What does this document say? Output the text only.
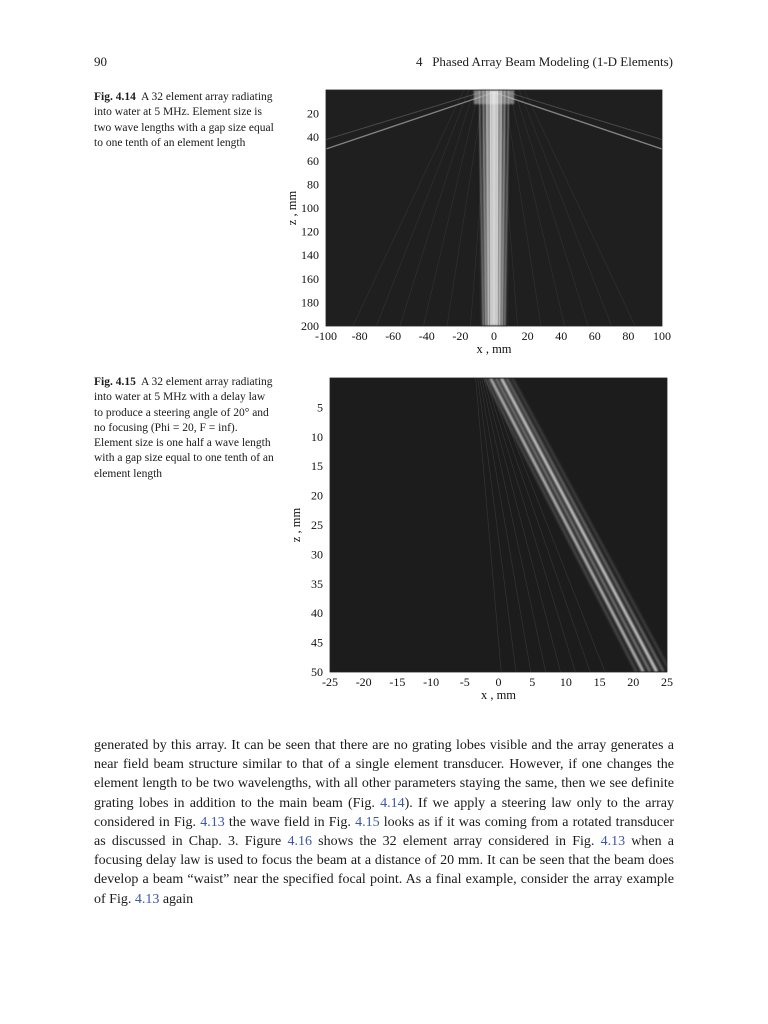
90	4   Phased Array Beam Modeling (1-D Elements)
Fig. 4.14 A 32 element array radiating into water at 5 MHz. Element size is two wave lengths with a gap size equal to one tenth of an element length
-100 -80 -60 -40 -20 0 20 40 60 80 100
20
40
60
80
100
120
140
160
180
200
x , mm
z , mm
Fig. 4.15 A 32 element array radiating into water at 5 MHz with a delay law to produce a steering angle of 20° and no focusing (Phi = 20, F = inf). Element size is one half a wave length with a gap size equal to one tenth of an element length
-25 -20 -15 -10 -5 0 5 10 15 20 25
5
10
15
20
25
30
35
40
45
50
x , mm
z , mm
generated by this array. It can be seen that there are no grating lobes visible and the array generates a near field beam structure similar to that of a single element transducer. However, if one changes the element length to be two wavelengths, with all other parameters staying the same, then we see definite grating lobes in addition to the main beam (Fig. 4.14). If we apply a steering law only to the array considered in Fig. 4.13 the wave field in Fig. 4.15 looks as if it was coming from a rotated transducer as discussed in Chap. 3. Figure 4.16 shows the 32 element array considered in Fig. 4.13 when a focusing delay law is used to focus the beam at a distance of 20 mm. It can be seen that the beam does develop a beam “waist” near the specified focal point. As a final example, consider the array example of Fig. 4.13 again
